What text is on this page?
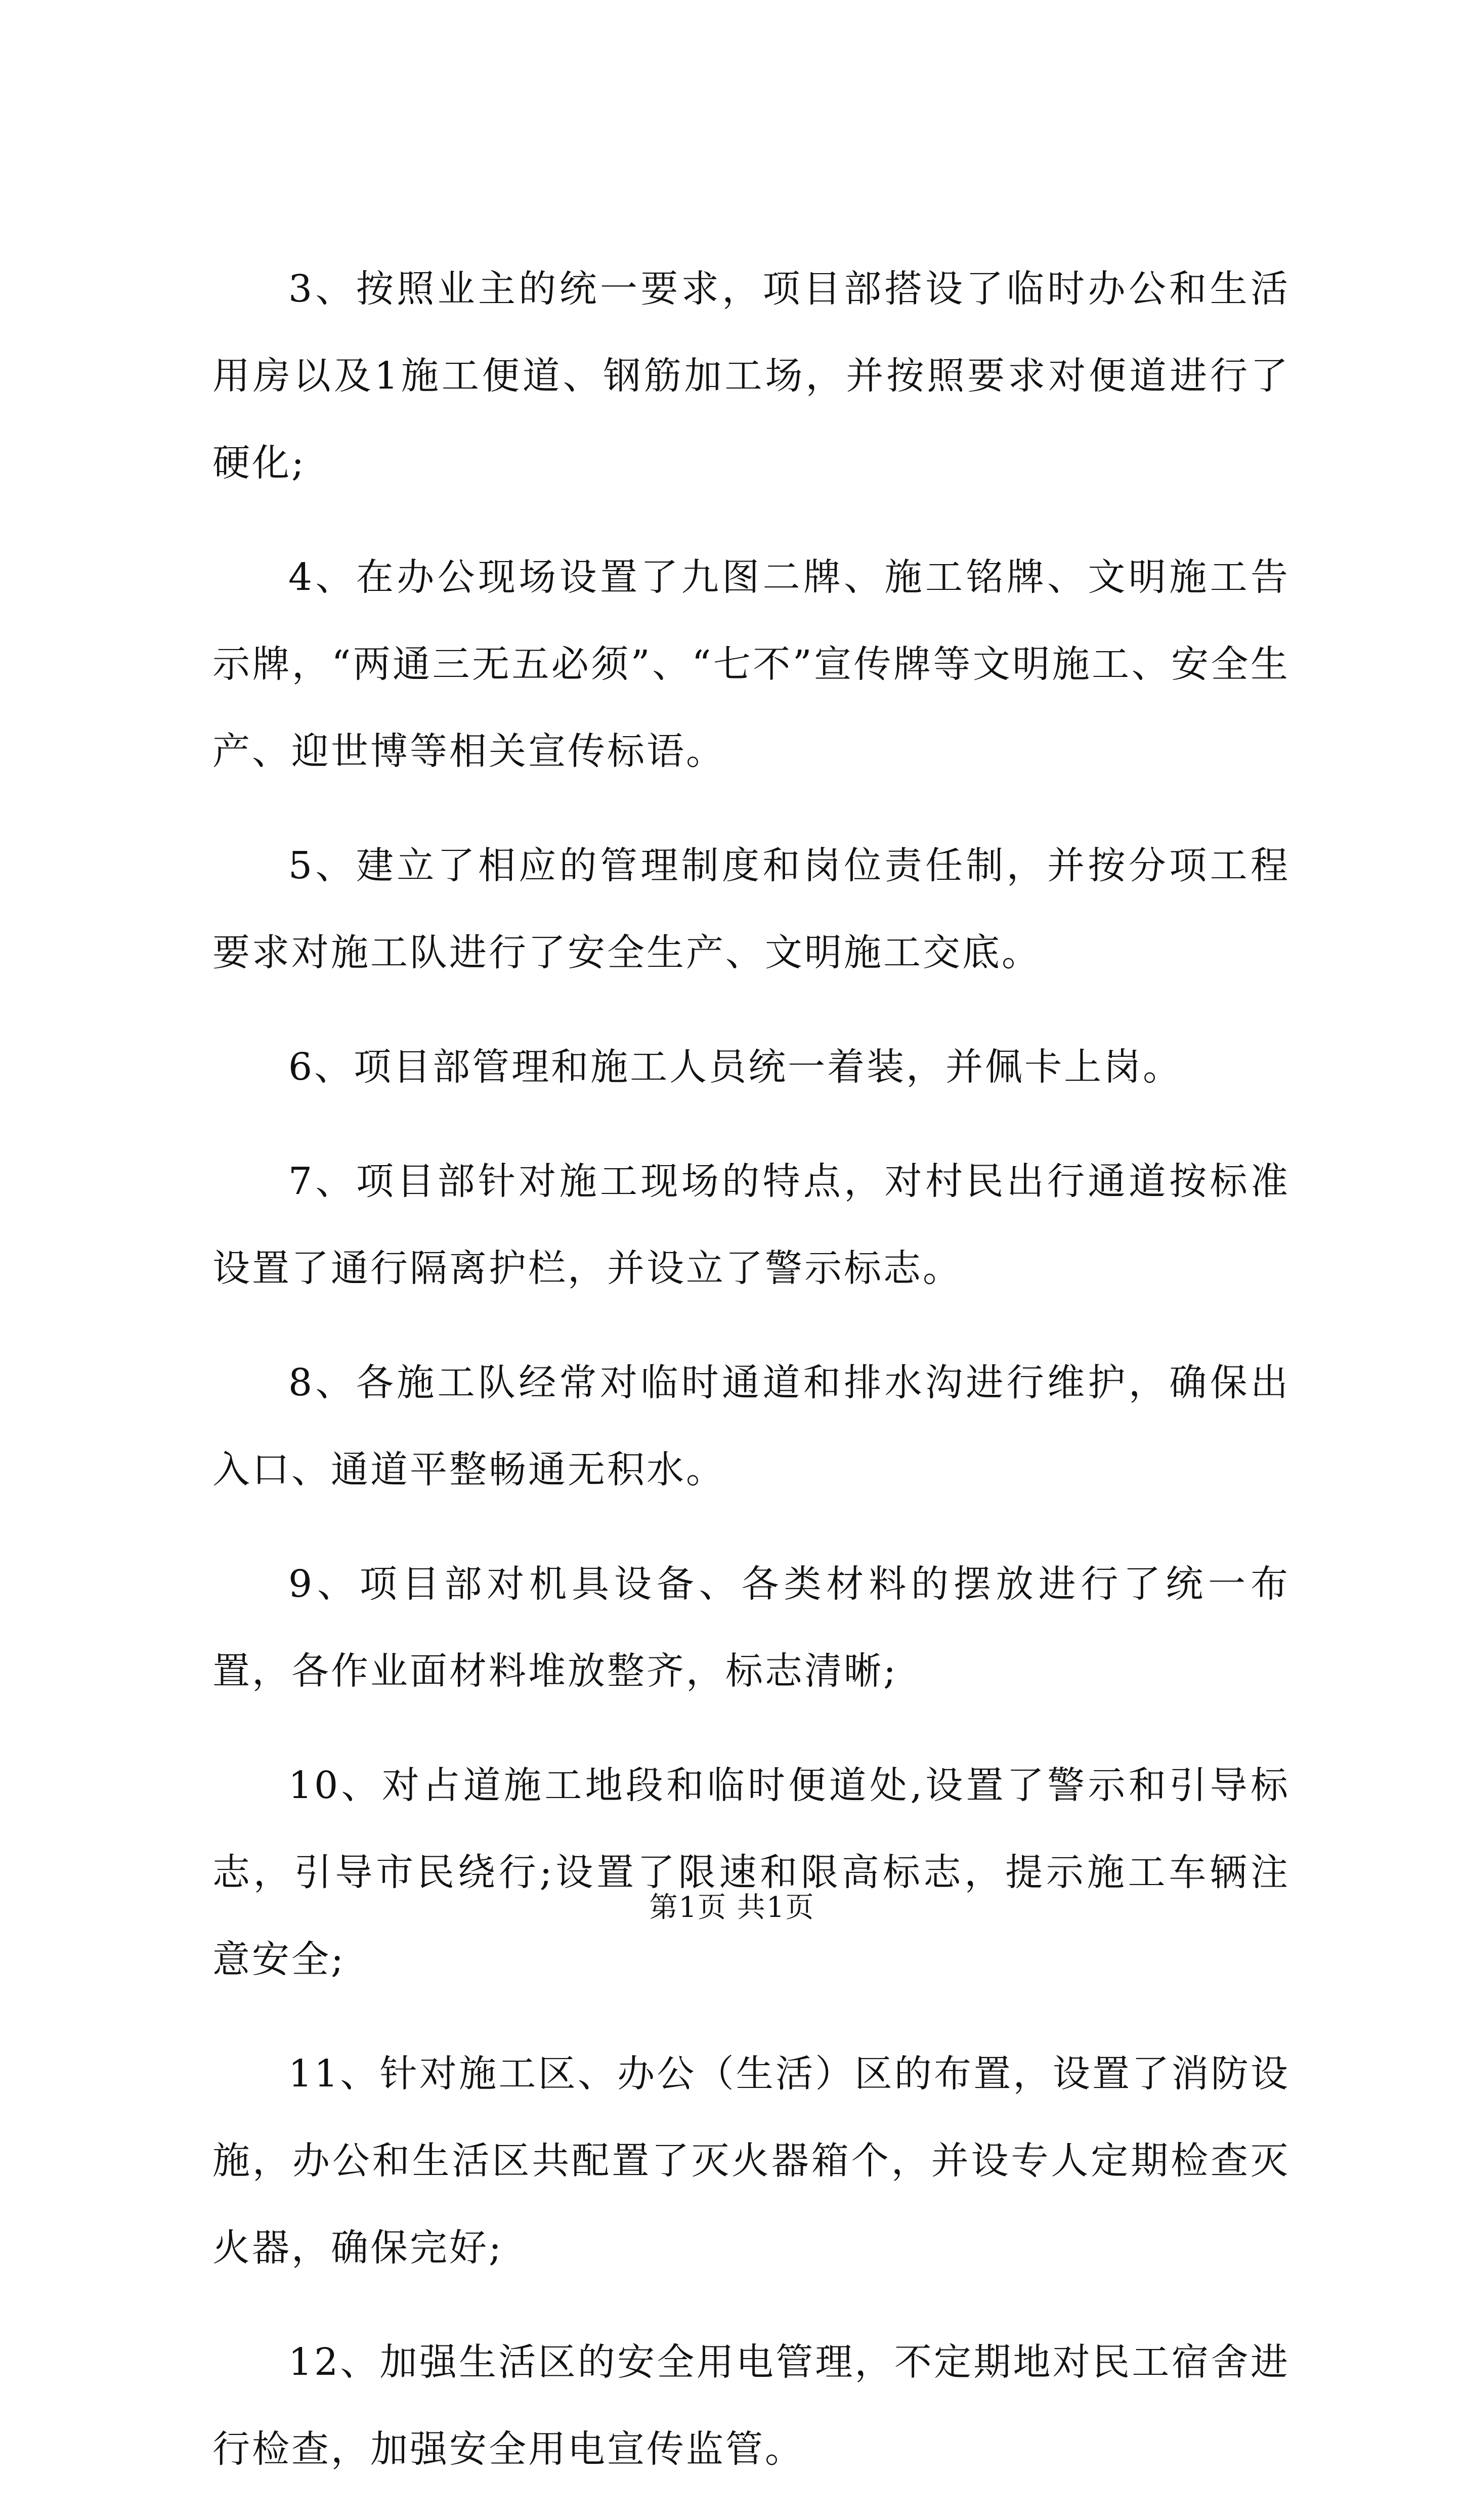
3、按照业主的统一要求，项目部搭设了临时办公和生活用房以及1施工便道、钢筋加工场，并按照要求对便道进行了硬化;

4、在办公现场设置了九图二牌、施工铭牌、文明施工告示牌，“两通三无五必须”、“七不”宣传牌等文明施工、安全生产、迎世博等相关宣传标语。

5、建立了相应的管理制度和岗位责任制，并按分项工程要求对施工队进行了安全生产、文明施工交底。

6、项目部管理和施工人员统一着装，并佩卡上岗。

7、项目部针对施工现场的特点，对村民出行通道按标准设置了通行隔离护栏，并设立了警示标志。

8、各施工队经常对临时通道和排水沟进行维护，确保出入口、通道平整畅通无积水。

9、项目部对机具设备、各类材料的摆放进行了统一布置，各作业面材料堆放整齐，标志清晰;

10、对占道施工地段和临时便道处,设置了警示和引导标志，引导市民绕行;设置了限速和限高标志，提示施工车辆注意安全;

11、针对施工区、办公（生活）区的布置，设置了消防设施，办公和生活区共配置了灭火器箱个，并设专人定期检查灭火器，确保完好;

12、加强生活区的安全用电管理，不定期地对民工宿舍进行检查，加强安全用电宣传监管。

第1页 共1页
